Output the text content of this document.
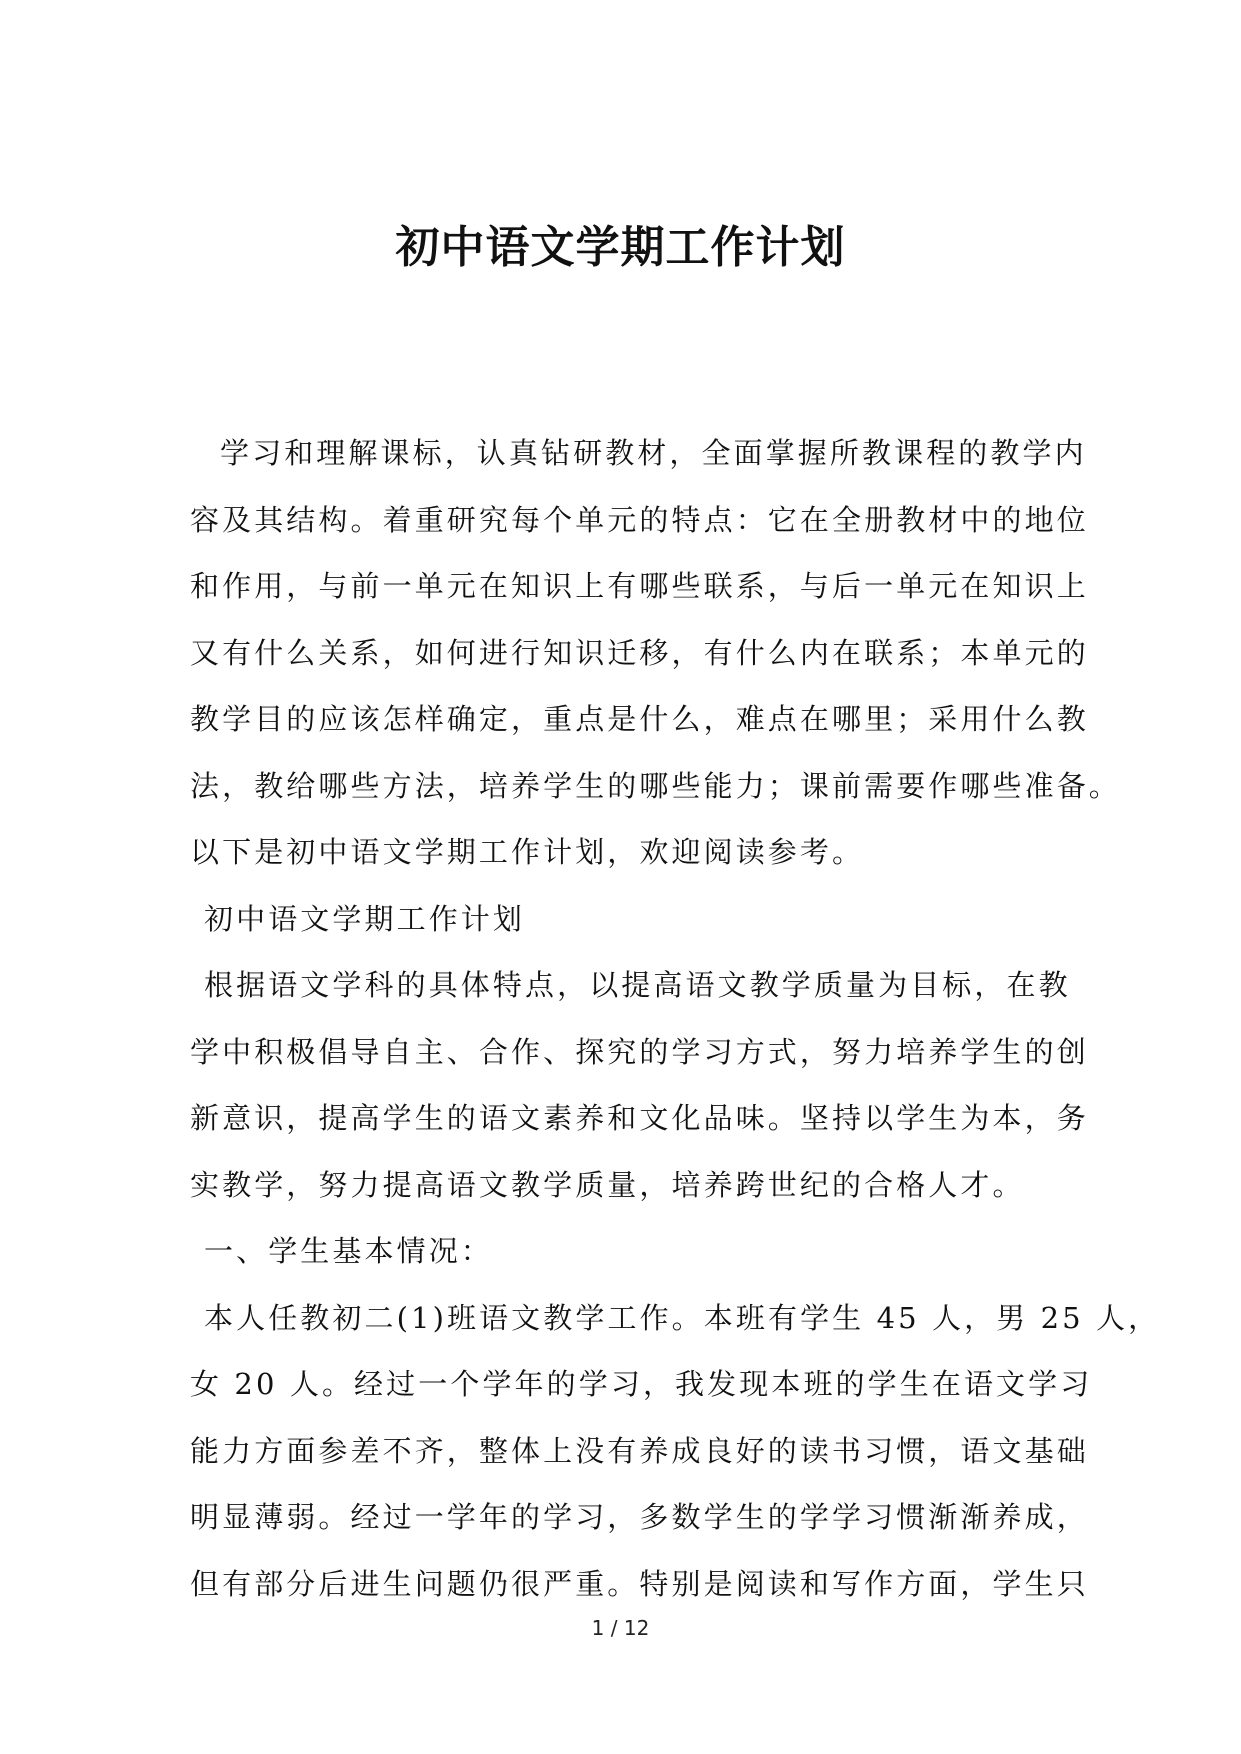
初中语文学期工作计划
学习和理解课标，认真钻研教材，全面掌握所教课程的教学内
容及其结构。着重研究每个单元的特点：它在全册教材中的地位
和作用，与前一单元在知识上有哪些联系，与后一单元在知识上
又有什么关系，如何进行知识迁移，有什么内在联系；本单元的
教学目的应该怎样确定，重点是什么，难点在哪里；采用什么教
法，教给哪些方法，培养学生的哪些能力；课前需要作哪些准备。
以下是初中语文学期工作计划，欢迎阅读参考。
初中语文学期工作计划
根据语文学科的具体特点，以提高语文教学质量为目标，在教
学中积极倡导自主、合作、探究的学习方式，努力培养学生的创
新意识，提高学生的语文素养和文化品味。坚持以学生为本，务
实教学，努力提高语文教学质量，培养跨世纪的合格人才。
一、学生基本情况：
本人任教初二(1)班语文教学工作。本班有学生 45 人，男 25 人，
女 20 人。经过一个学年的学习，我发现本班的学生在语文学习
能力方面参差不齐，整体上没有养成良好的读书习惯，语文基础
明显薄弱。经过一学年的学习，多数学生的学学习惯渐渐养成，
但有部分后进生问题仍很严重。特别是阅读和写作方面，学生只
1 / 12
